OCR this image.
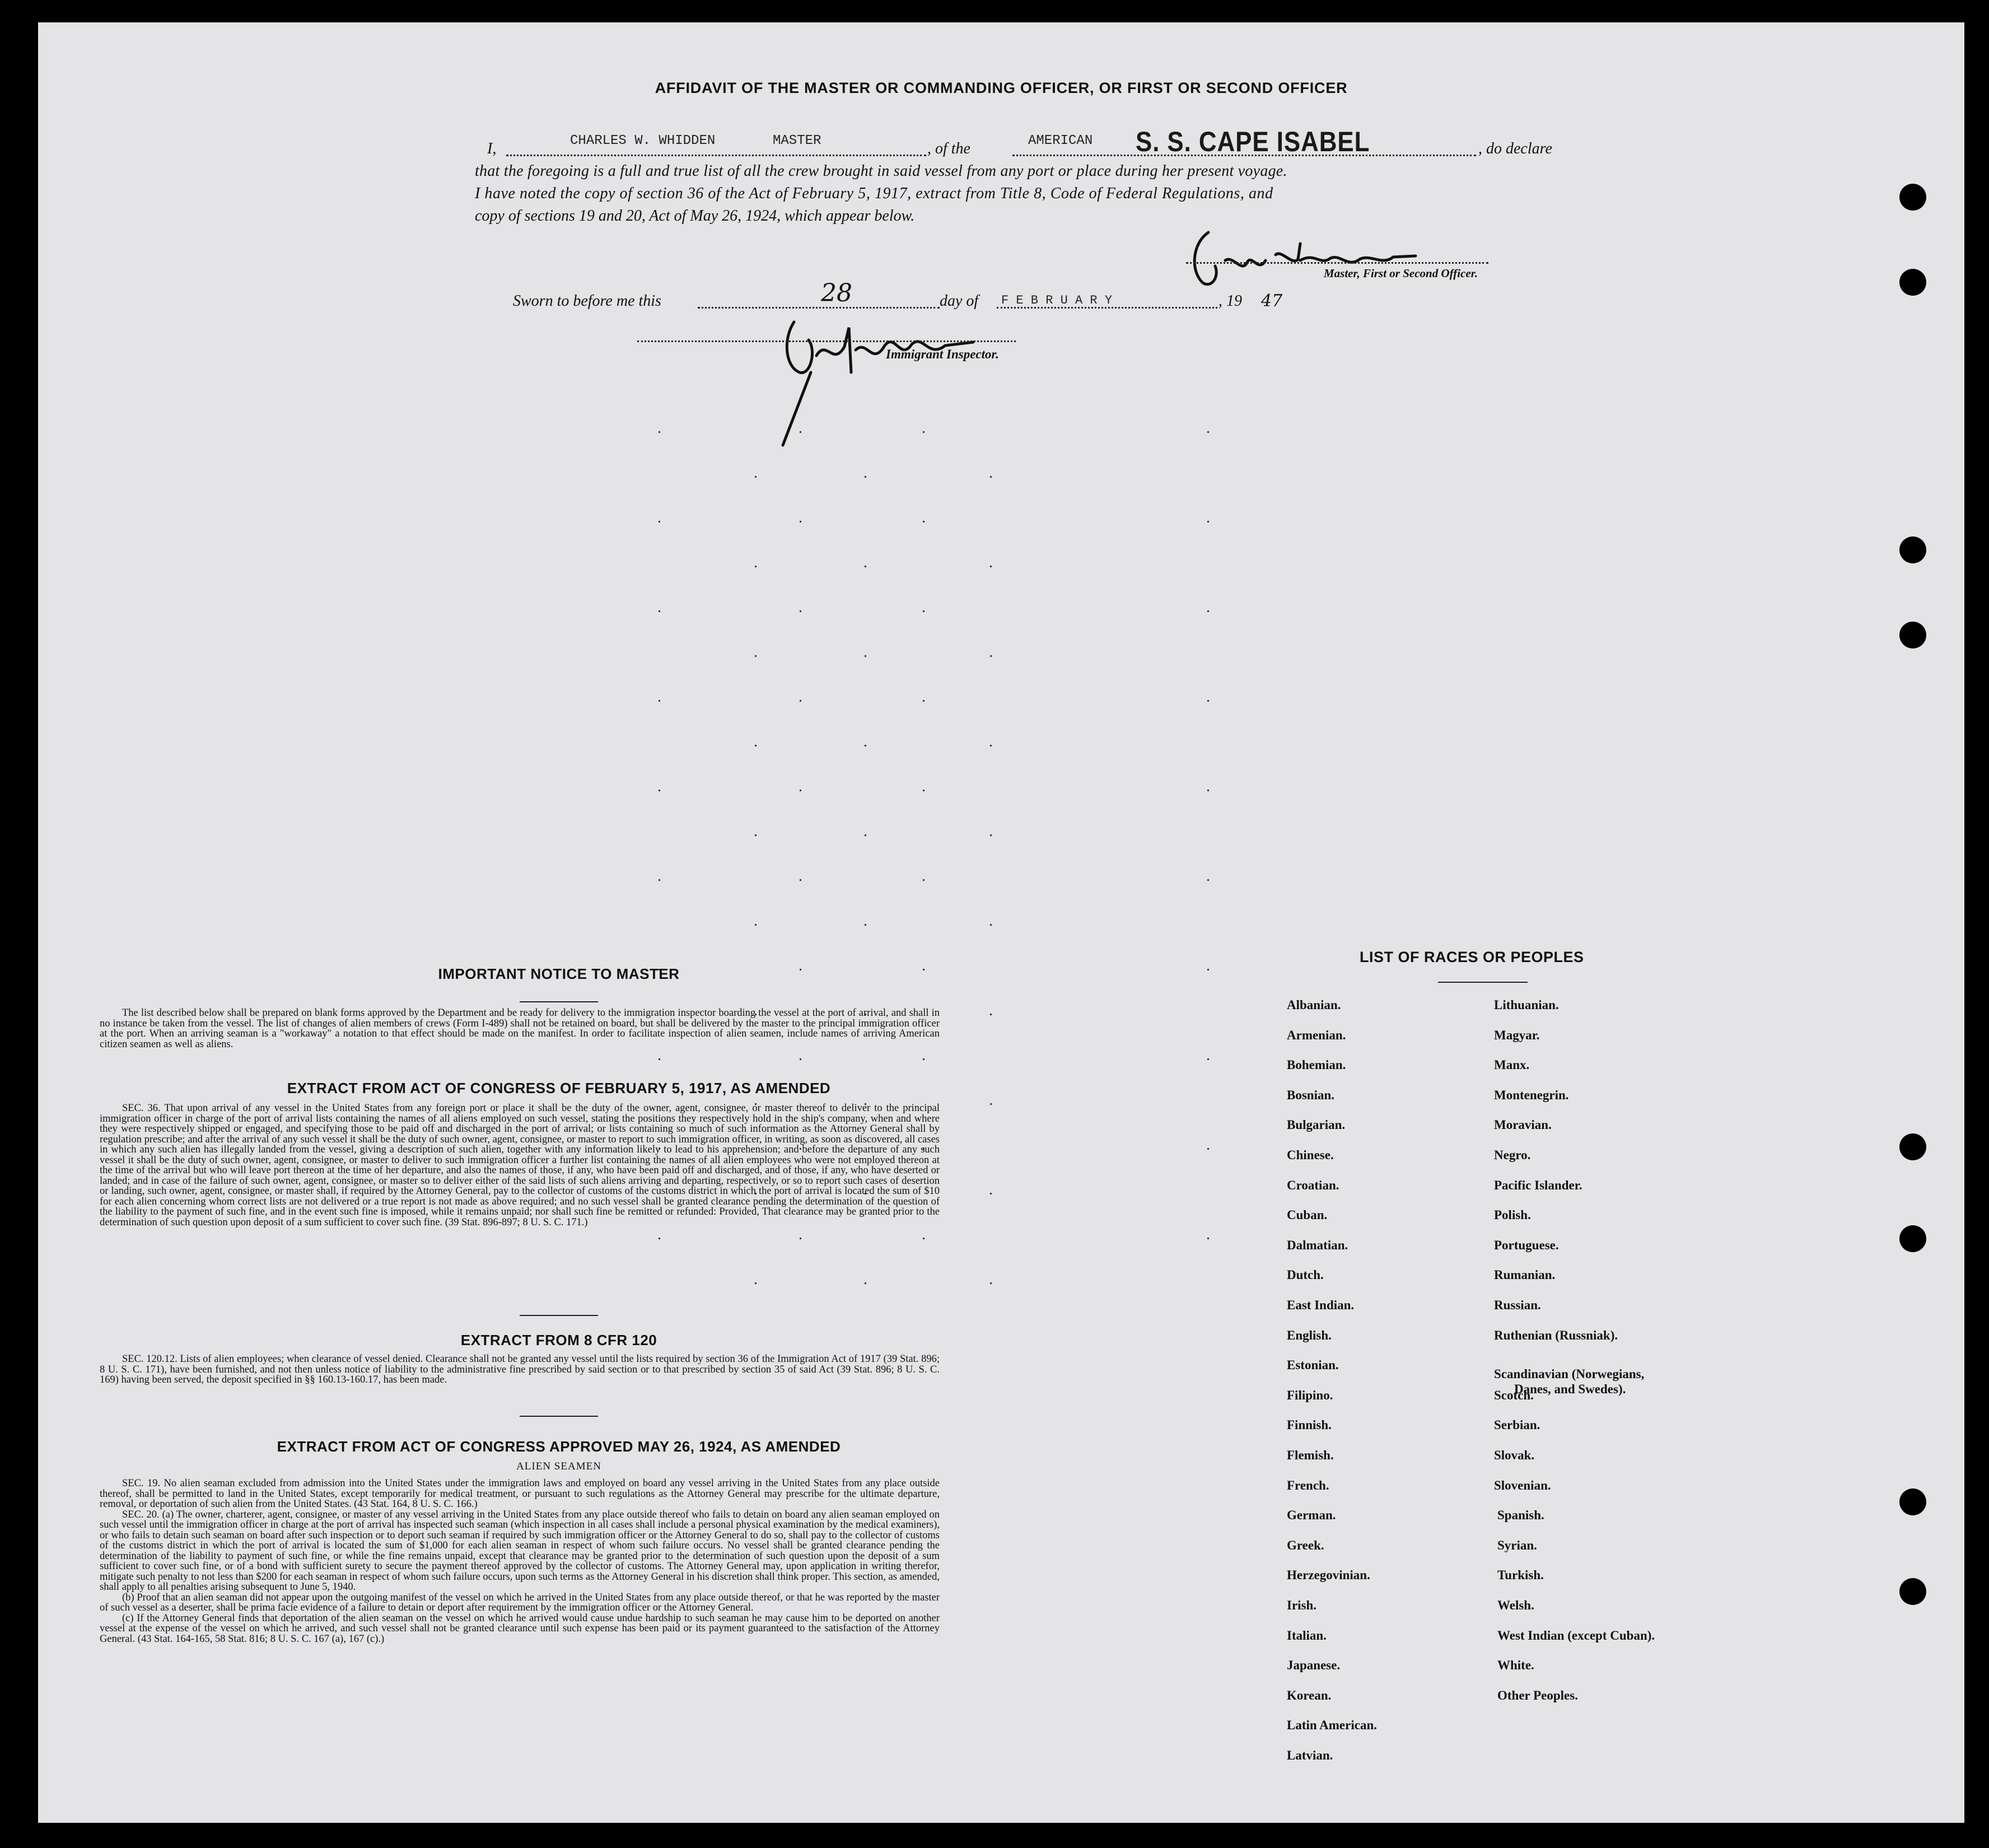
AFFIDAVIT OF THE MASTER OR COMMANDING OFFICER, OR FIRST OR SECOND OFFICER
I,	CHARLES W. WHIDDEN	MASTER	, of the	AMERICAN S. S. CAPE ISABEL	, do declare
that the foregoing is a full and true list of all the crew brought in said vessel from any port or place during her present voyage.
I have noted the copy of section 36 of the Act of February 5, 1917, extract from Title 8, Code of Federal Regulations, and
copy of sections 19 and 20, Act of May 26, 1924, which appear below.
Master, First or Second Officer.
Sworn to before me this	28	day of F E B R U A R Y	, 19 47
Immigrant Inspector.
IMPORTANT NOTICE TO MASTER

The list described below shall be prepared on blank forms approved by the Department and be ready for delivery to the immigration inspector boarding the vessel at the port of arrival, and shall in no instance be taken from the vessel. The list of changes of alien members of crews (Form I-489) shall not be retained on board, but shall be delivered by the master to the principal immigration officer at the port. When an arriving seaman is a "workaway" a notation to that effect should be made on the manifest. In order to facilitate inspection of alien seamen, include names of arriving American citizen seamen as well as aliens.

EXTRACT FROM ACT OF CONGRESS OF FEBRUARY 5, 1917, AS AMENDED

SEC. 36. That upon arrival of any vessel in the United States from any foreign port or place it shall be the duty of the owner, agent, consignee, or master thereof to deliver to the principal immigration officer in charge of the port of arrival lists containing the names of all aliens employed on such vessel, stating the positions they respectively hold in the ship's company, when and where they were respectively shipped or engaged, and specifying those to be paid off and discharged in the port of arrival; or lists containing so much of such information as the Attorney General shall by regulation prescribe; and after the arrival of any such vessel it shall be the duty of such owner, agent, consignee, or master to report to such immigration officer, in writing, as soon as discovered, all cases in which any such alien has illegally landed from the vessel, giving a description of such alien, together with any information likely to lead to his apprehension; and before the departure of any such vessel it shall be the duty of such owner, agent, consignee, or master to deliver to such immigration officer a further list containing the names of all alien employees who were not employed thereon at the time of the arrival but who will leave port thereon at the time of her departure, and also the names of those, if any, who have been paid off and discharged, and of those, if any, who have deserted or landed; and in case of the failure of such owner, agent, consignee, or master so to deliver either of the said lists of such aliens arriving and departing, respectively, or so to report such cases of desertion or landing, such owner, agent, consignee, or master shall, if required by the Attorney General, pay to the collector of customs of the customs district in which the port of arrival is located the sum of $10 for each alien concerning whom correct lists are not delivered or a true report is not made as above required; and no such vessel shall be granted clearance pending the determination of the question of the liability to the payment of such fine, and in the event such fine is imposed, while it remains unpaid; nor shall such fine be remitted or refunded: Provided, That clearance may be granted prior to the determination of such question upon deposit of a sum sufficient to cover such fine. (39 Stat. 896-897; 8 U. S. C. 171.)

EXTRACT FROM 8 CFR 120

SEC. 120.12. Lists of alien employees; when clearance of vessel denied. Clearance shall not be granted any vessel until the lists required by section 36 of the Immigration Act of 1917 (39 Stat. 896; 8 U. S. C. 171), have been furnished, and not then unless notice of liability to the administrative fine prescribed by said section or to that prescribed by section 35 of said Act (39 Stat. 896; 8 U. S. C. 169) having been served, the deposit specified in §§ 160.13-160.17, has been made.

EXTRACT FROM ACT OF CONGRESS APPROVED MAY 26, 1924, AS AMENDED
ALIEN SEAMEN

SEC. 19. No alien seaman excluded from admission into the United States under the immigration laws and employed on board any vessel arriving in the United States from any place outside thereof, shall be permitted to land in the United States, except temporarily for medical treatment, or pursuant to such regulations as the Attorney General may prescribe for the ultimate departure, removal, or deportation of such alien from the United States. (43 Stat. 164, 8 U. S. C. 166.)

SEC. 20. (a) The owner, charterer, agent, consignee, or master of any vessel arriving in the United States from any place outside thereof who fails to detain on board any alien seaman employed on such vessel until the immigration officer in charge at the port of arrival has inspected such seaman (which inspection in all cases shall include a personal physical examination by the medical examiners), or who fails to detain such seaman on board after such inspection or to deport such seaman if required by such immigration officer or the Attorney General to do so, shall pay to the collector of customs of the customs district in which the port of arrival is located the sum of $1,000 for each alien seaman in respect of whom such failure occurs. No vessel shall be granted clearance pending the determination of the liability to payment of such fine, or while the fine remains unpaid, except that clearance may be granted prior to the determination of such question upon the deposit of a sum sufficient to cover such fine, or of a bond with sufficient surety to secure the payment thereof approved by the collector of customs. The Attorney General may, upon application in writing therefor, mitigate such penalty to not less than $200 for each seaman in respect of whom such failure occurs, upon such terms as the Attorney General in his discretion shall think proper. This section, as amended, shall apply to all penalties arising subsequent to June 5, 1940.

(b) Proof that an alien seaman did not appear upon the outgoing manifest of the vessel on which he arrived in the United States from any place outside thereof, or that he was reported by the master of such vessel as a deserter, shall be prima facie evidence of a failure to detain or deport after requirement by the immigration officer or the Attorney General.

(c) If the Attorney General finds that deportation of the alien seaman on the vessel on which he arrived would cause undue hardship to such seaman he may cause him to be deported on another vessel at the expense of the vessel on which he arrived, and such vessel shall not be granted clearance until such expense has been paid or its payment guaranteed to the satisfaction of the Attorney General. (43 Stat. 164-165, 58 Stat. 816; 8 U. S. C. 167 (a), 167 (c).)

LIST OF RACES OR PEOPLES
Albanian.
Armenian.
Bohemian.
Bosnian.
Bulgarian.
Chinese.
Croatian.
Cuban.
Dalmatian.
Dutch.
East Indian.
English.
Estonian.
Filipino.
Finnish.
Flemish.
French.
German.
Greek.
Herzegovinian.
Irish.
Italian.
Japanese.
Korean.
Latin American.
Latvian.
Lithuanian.
Magyar.
Manx.
Montenegrin.
Moravian.
Negro.
Pacific Islander.
Polish.
Portuguese.
Rumanian.
Russian.
Ruthenian (Russniak).
Scandinavian (Norwegians,
Danes, and Swedes).
Scotch.
Serbian.
Slovak.
Slovenian.
Spanish.
Syrian.
Turkish.
Welsh.
West Indian (except Cuban).
White.
Other Peoples.
